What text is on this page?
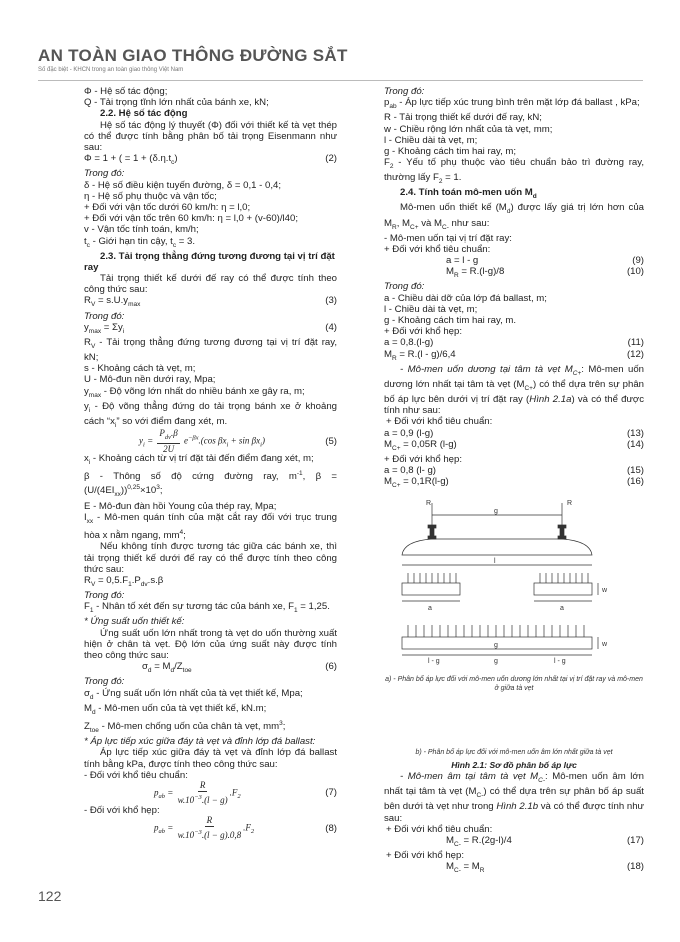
AN TOÀN GIAO THÔNG ĐƯỜNG SẮT
Số đặc biệt - KHCN trong an toàn giao thông Việt Nam
Φ - Hệ số tác động;
Q - Tải trọng tĩnh lớn nhất của bánh xe, kN;
2.2. Hệ số tác động
Hệ số tác động lý thuyết (Φ) đối với thiết kế tà vẹt thép có thể được tính bằng phân bố tải trọng Eisenmann như sau:
Φ = 1 + ( = $1 + (\delta.\eta.t_c)$	(2)
Trong đó:
δ - Hệ số điều kiện tuyến đường, δ = 0,1 - 0,4;
η - Hệ số phụ thuộc và vận tốc;
+ Đối với vận tốc dưới 60 km/h: η = l,0;
+ Đối với vận tốc trên 60 km/h: η = l,0 + (v-60)/l40;
v - Vận tốc tính toán, km/h;
$t_c$ - Giới hạn tin cậy, $t_c = 3$.
2.3. Tải trọng thẳng đứng tương đương tại vị trí đặt ray
Tải trọng thiết kế dưới đế ray có thể được tính theo công thức sau:
$R_V = s.U.y_{max}$	(3)
Trong đó:
$y_{max} = \Sigma y_i$	(4)
$R_V$ - Tải trọng thẳng đứng tương đương tại vị trí đặt ray, kN;
s - Khoảng cách tà vẹt, m;
U - Mô-đun nền dưới ray, Mpa;
$y_{max}$ - Độ võng lớn nhất do nhiều bánh xe gây ra, m;
$y_i$ - Độ võng thẳng đứng do tải trọng bánh xe ở khoảng cách “$x_i$” so với điểm đang xét, m.
$y_i = \frac{P_{dv}.\beta}{2U} e^{-\beta x}.(\cos$ $\beta x_i + \sin \beta x_i$)	(5)
$x_i$ - Khoảng cách từ vị trí đặt tải đến điểm đang xét, m;
β - Thông số độ cứng đường ray, $m^{-1}$, $\beta = (U/(4EI_{xx}))^{0,25}\times 10^3$;
E - Mô-đun đàn hồi Young của thép ray, Mpa;
$I_{xx}$ - Mô-men quán tính của mặt cắt ray đối với trục trung hòa x nằm ngang, $mm^4$;
Nếu không tính được tương tác giữa các bánh xe, thì tải trọng thiết kế dưới đế ray có thể được tính theo công thức sau:
$R_V = 0,5.F_1.P_{dv}.s.\beta$
Trong đó:
$F_1$ - Nhân tố xét đến sự tương tác của bánh xe, $F_1 = 1,25$.
* Ứng suất uốn thiết kế:
Ứng suất uốn lớn nhất trong tà vẹt do uốn thường xuất hiện ở chân tà vẹt. Độ lớn của ứng suất này được tính theo công thức sau:
$\sigma_d = M_d/Z_{toe}$	(6)
Trong đó:
$\sigma_d$ - Ứng suất uốn lớn nhất của tà vẹt thiết kế, Mpa;
$M_d$ - Mô-men uốn của tà vẹt thiết kế, kN.m;
$Z_{toe}$ - Mô-men chống uốn của chân tà vẹt, $mm^3$;
* Áp lực tiếp xúc giữa đáy tà vẹt và đỉnh lớp đá ballast:
Áp lực tiếp xúc giữa đáy tà vẹt và đỉnh lớp đá ballast tính bằng kPa, được tính theo công thức sau:
- Đối với khổ tiêu chuẩn:
$p_{ab} = \frac{R}{w.10^{-3}.(l - g)} .F_2$	(7)
- Đối với khổ hẹp:
$p_{ab} = \frac{R}{w.10^{-3}.(l - g).0,8} .F_2$	(8)
Trong đó:
$p_{ab}$ - Áp lực tiếp xúc trung bình trên mặt lớp đá ballast , kPa;
R - Tải trọng thiết kế dưới đế ray, kN;
w - Chiều rộng lớn nhất của tà vẹt, mm;
l - Chiều dài tà vẹt, m;
g - Khoảng cách tim hai ray, m;
$F_2$ - Yếu tố phụ thuộc vào tiêu chuẩn bảo trì đường ray, thường lấy $F_2 = 1$.
2.4. Tính toán mô-men uốn $M_d$
Mô-men uốn thiết kế $(M_d)$ được lấy giá trị lớn hơn của $M_R$, $M_{C+}$ và $M_{C-}$ như sau:
- Mô-men uốn tại vị trí đặt ray:
+ Đối với khổ tiêu chuẩn:
a = l - g	(9)
$M_R = R.(l-g)/8$	(10)
Trong đó:
a - Chiều dài dỡ của lớp đá ballast, m;
l - Chiều dài tà vẹt, m;
g - Khoảng cách tim hai ray, m.
+ Đối với khổ hẹp:
a = 0,8.(l-g)	(11)
$M_R = R.(l - g)/6,4$	(12)
- Mô-men uốn dương tại tâm tà vẹt $M_{C+}$: Mô-men uốn dương lớn nhất tại tâm tà vẹt $(M_{C+})$ có thể dựa trên sự phân bố áp lực bên dưới vị trí đặt ray (Hình 2.1a) và có thể được tính như sau:
+ Đối với khổ tiêu chuẩn:
a = 0,9 (l-g)	(13)
$M_{C+} = 0,05R$ (l-g)	(14)
+ Đối với khổ hẹp:
a = 0,8 (l- g)	(15)
$M_{C+} = 0,1R(l-g)$	(16)
R	R
g
l
w
a	a
g	w
l - g	g	l - g
a) - Phân bổ áp lực đối với mô-men uốn dương lớn nhất tại vị trí đặt ray và mô-men ở giữa tà vẹt
b) - Phân bổ áp lực đối với mô-men uốn âm lớn nhất giữa tà vẹt
Hình 2.1: Sơ đồ phân bố áp lực
- Mô-men âm tại tâm tà vẹt $M_{C-}$: Mô-men uốn âm lớn nhất tại tâm tà vẹt $(M_{C-})$ có thể dựa trên sự phân bố áp suất bên dưới tà vẹt như trong Hình 2.1b và có thể được tính như sau:
+ Đối với khổ tiêu chuẩn:
$M_{C-} = R.(2g-l)/4$	(17)
+ Đối với khổ hẹp:
$M_{C-} = M_R$	(18)
122
